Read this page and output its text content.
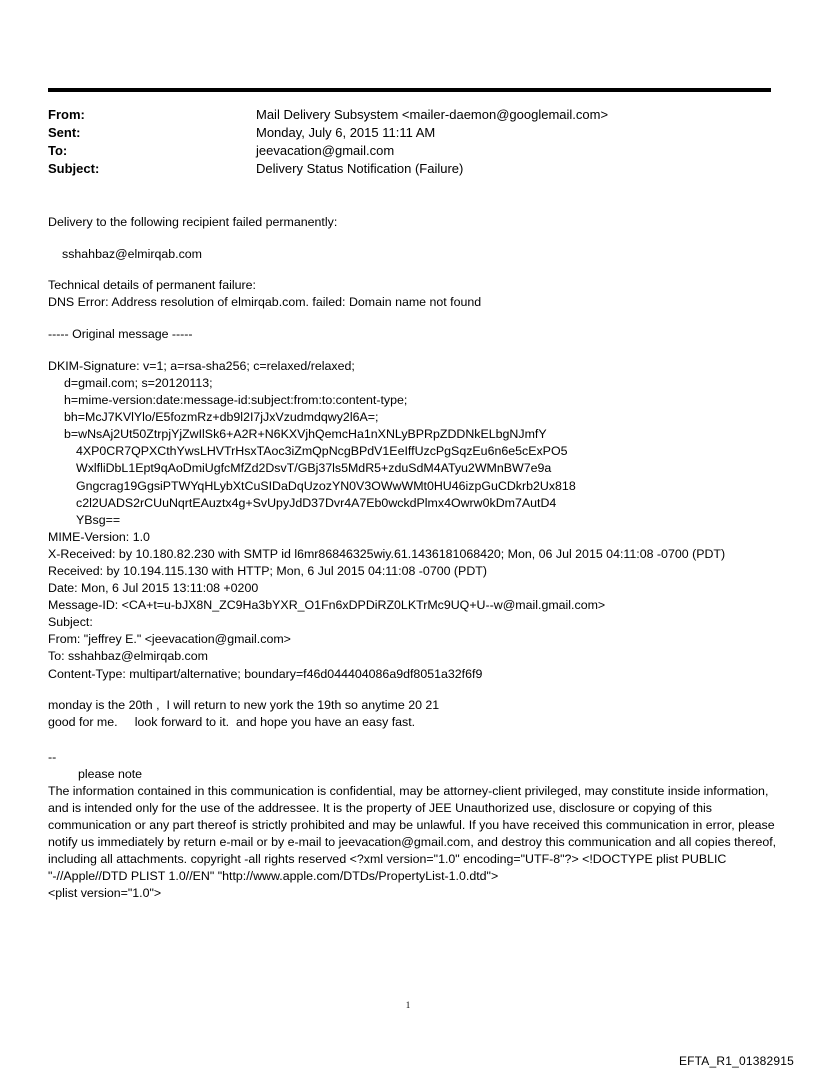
From:	Mail Delivery Subsystem <mailer-daemon@googlemail.com>
Sent:	Monday, July 6, 2015 11:11 AM
To:	jeevacation@gmail.com
Subject:	Delivery Status Notification (Failure)
Delivery to the following recipient failed permanently:
sshahbaz@elmirqab.com
Technical details of permanent failure:
DNS Error: Address resolution of elmirqab.com. failed: Domain name not found
----- Original message -----
DKIM-Signature: v=1; a=rsa-sha256; c=relaxed/relaxed;
d=gmail.com; s=20120113;
h=mime-version:date:message-id:subject:from:to:content-type;
bh=McJ7KVlYlo/E5fozmRz+db9l2I7jJxVzudmdqwy2l6A=;
b=wNsAj2Ut50ZtrpjYjZwIlSk6+A2R+N6KXVjhQemcHa1nXNLyBPRpZDDNkELbgNJmfY
4XP0CR7QPXCthYwsLHVTrHsxTAoc3iZmQpNcgBPdV1EeIffUzcPgSqzEu6n6e5cExPO5
WxlfliDbL1Ept9qAoDmiUgfcMfZd2DsvT/GBj37ls5MdR5+zduSdM4ATyu2WMnBW7e9a
Gngcrag19GgsiPTWYqHLybXtCuSIDaDqUzozYN0V3OWwWMt0HU46izpGuCDkrb2Ux818
c2l2UADS2rCUuNqrtEAuztx4g+SvUpyJdD37Dvr4A7Eb0wckdPlmx4Owrw0kDm7AutD4
YBsg==
MIME-Version: 1.0
X-Received: by 10.180.82.230 with SMTP id l6mr86846325wiy.61.1436181068420; Mon, 06 Jul 2015 04:11:08 -0700 (PDT)
Received: by 10.194.115.130 with HTTP; Mon, 6 Jul 2015 04:11:08 -0700 (PDT)
Date: Mon, 6 Jul 2015 13:11:08 +0200
Message-ID: <CA+t=u-bJX8N_ZC9Ha3bYXR_O1Fn6xDPDiRZ0LKTrMc9UQ+U--w@mail.gmail.com>
Subject:
From: "jeffrey E." <jeevacation@gmail.com>
To: sshahbaz@elmirqab.com
Content-Type: multipart/alternative; boundary=f46d044404086a9df8051a32f6f9
monday is the 20th ,  I will return to new york the 19th so anytime 20 21
good for me.     look forward to it.  and hope you have an easy fast.
--
please note
The information contained in this communication is confidential, may be attorney-client privileged, may constitute inside information, and is intended only for the use of the addressee. It is the property of JEE Unauthorized use, disclosure or copying of this communication or any part thereof is strictly prohibited and may be unlawful. If you have received this communication in error, please notify us immediately by return e-mail or by e-mail to jeevacation@gmail.com, and destroy this communication and all copies thereof, including all attachments. copyright -all rights reserved <?xml version="1.0" encoding="UTF-8"?> <!DOCTYPE plist PUBLIC "-//Apple//DTD PLIST 1.0//EN" "http://www.apple.com/DTDs/PropertyList-1.0.dtd">
<plist version="1.0">
1
EFTA_R1_01382915
